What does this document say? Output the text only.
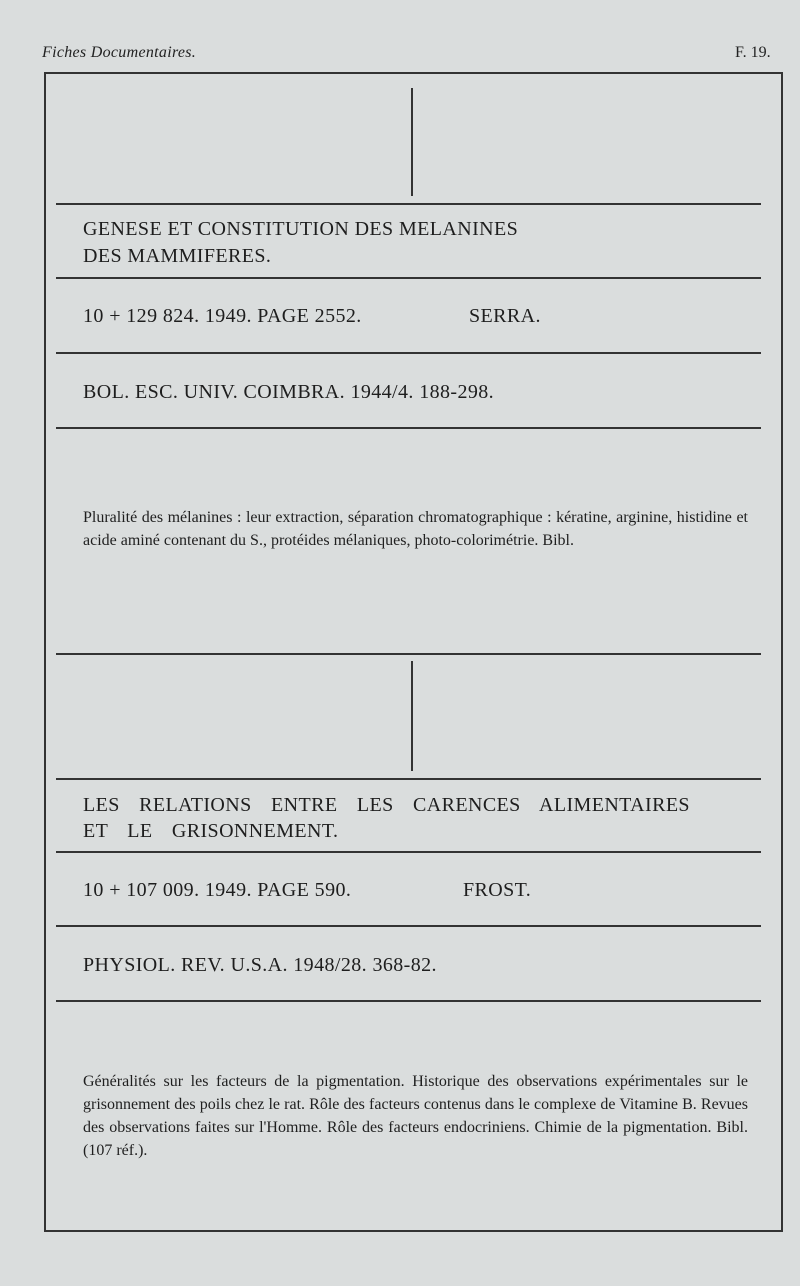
Fiches Documentaires.	F. 19.
GENESE ET CONSTITUTION DES MELANINES
DES MAMMIFERES.
10 + 129 824. 1949. PAGE 2552.	SERRA.
BOL. ESC. UNIV. COIMBRA. 1944/4. 188-298.
Pluralité des mélanines : leur extraction, séparation chromatographique : kératine, arginine, histidine et acide aminé contenant du S., protéides mélaniques, photo-colorimétrie. Bibl.
LES RELATIONS ENTRE LES CARENCES ALIMENTAIRES
ET LE GRISONNEMENT.
10 + 107 009. 1949. PAGE 590.	FROST.
PHYSIOL. REV. U.S.A. 1948/28. 368-82.
Généralités sur les facteurs de la pigmentation. Historique des observations expérimentales sur le grisonnement des poils chez le rat. Rôle des facteurs contenus dans le complexe de Vitamine B. Revues des observations faites sur l'Homme. Rôle des facteurs endocriniens. Chimie de la pigmentation. Bibl. (107 réf.).
